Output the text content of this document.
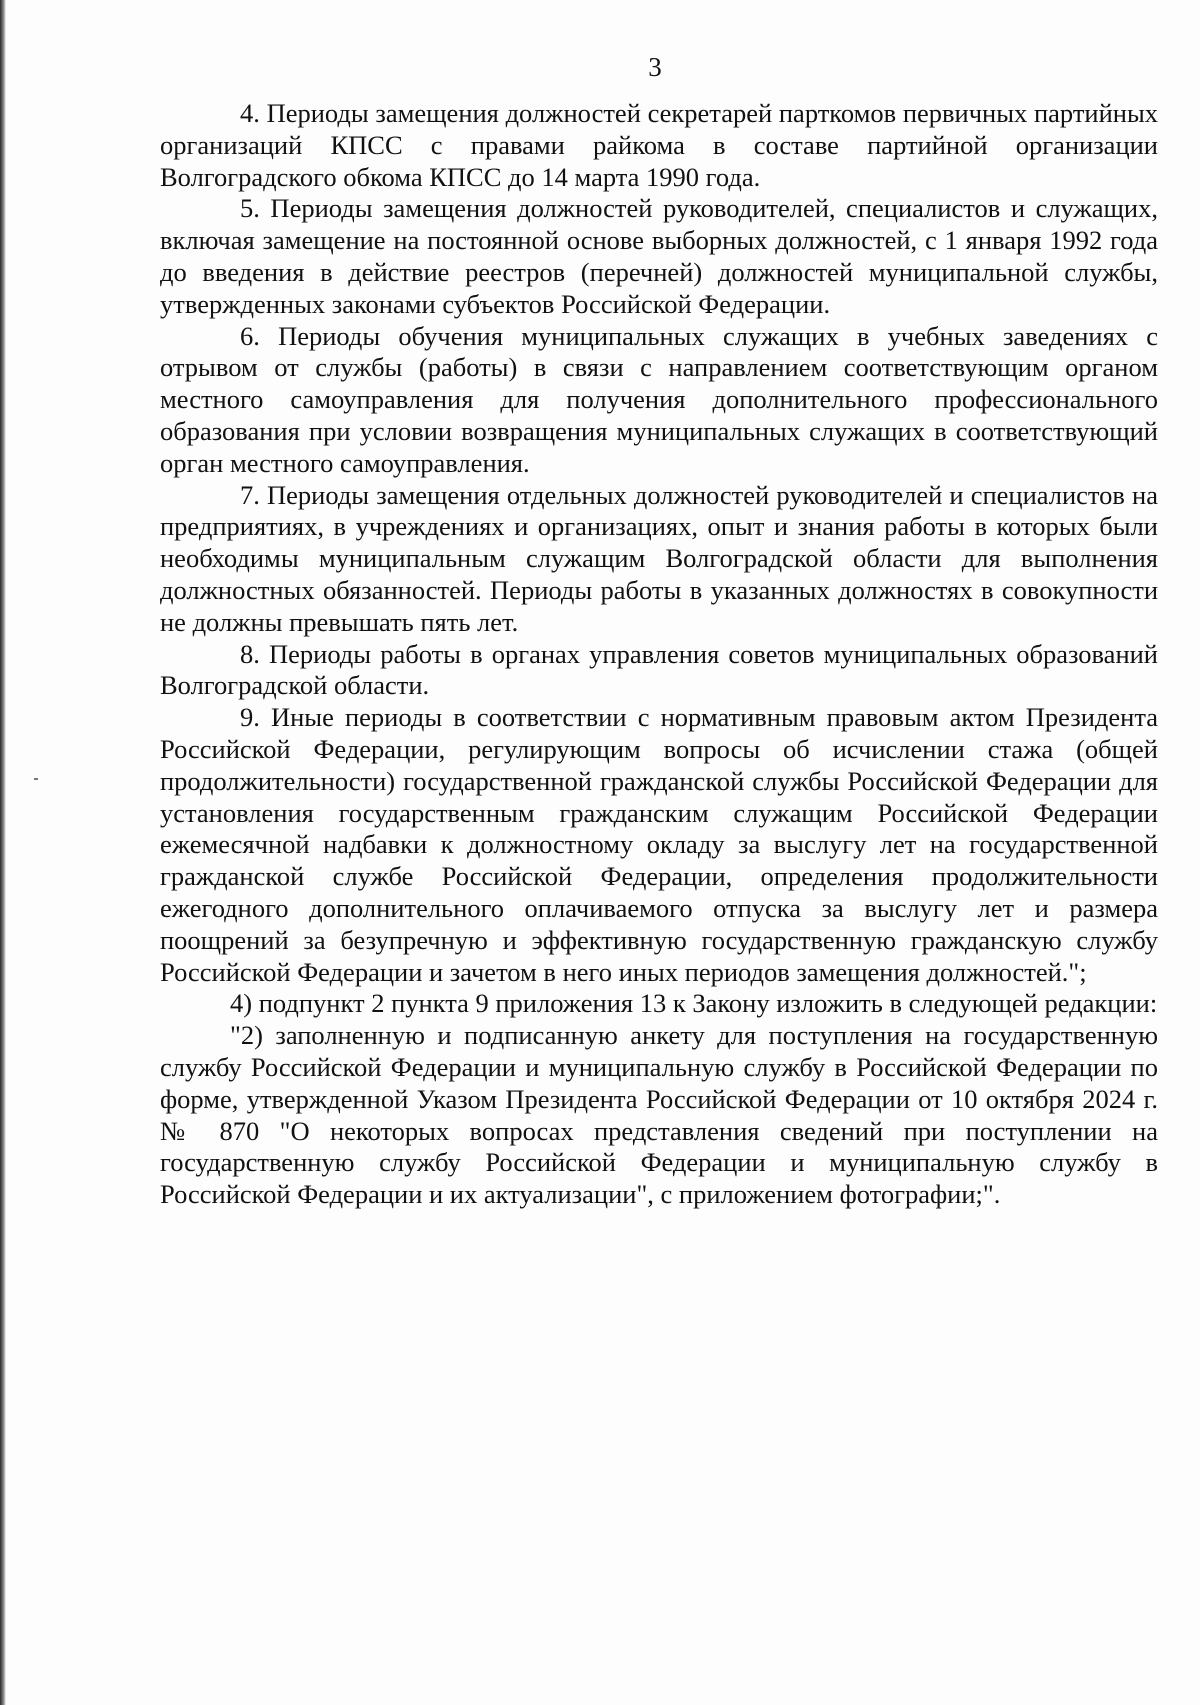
3

4. Периоды замещения должностей секретарей парткомов первичных партийных организаций КПСС с правами райкома в составе партийной организации Волгоградского обкома КПСС до 14 марта 1990 года.

5. Периоды замещения должностей руководителей, специалистов и служащих, включая замещение на постоянной основе выборных должностей, с 1 января 1992 года до введения в действие реестров (перечней) должностей муниципальной службы, утвержденных законами субъектов Российской Федерации.

6. Периоды обучения муниципальных служащих в учебных заведениях с отрывом от службы (работы) в связи с направлением соответствующим органом местного самоуправления для получения дополнительного профессионального образования при условии возвращения муниципальных служащих в соответствующий орган местного самоуправления.

7. Периоды замещения отдельных должностей руководителей и специалистов на предприятиях, в учреждениях и организациях, опыт и знания работы в которых были необходимы муниципальным служащим Волгоградской области для выполнения должностных обязанностей. Периоды работы в указанных должностях в совокупности не должны превышать пять лет.

8. Периоды работы в органах управления советов муниципальных образований Волгоградской области.

9. Иные периоды в соответствии с нормативным правовым актом Президента Российской Федерации, регулирующим вопросы об исчислении стажа (общей продолжительности) государственной гражданской службы Российской Федерации для установления государственным гражданским служащим Российской Федерации ежемесячной надбавки к должностному окладу за выслугу лет на государственной гражданской службе Российской Федерации, определения продолжительности ежегодного дополнительного оплачиваемого отпуска за выслугу лет и размера поощрений за безупречную и эффективную государственную гражданскую службу Российской Федерации и зачетом в него иных периодов замещения должностей.";

4) подпункт 2 пункта 9 приложения 13 к Закону изложить в следующей редакции:

"2) заполненную и подписанную анкету для поступления на государственную службу Российской Федерации и муниципальную службу в Российской Федерации по форме, утвержденной Указом Президента Российской Федерации от 10 октября 2024 г. № 870 "О некоторых вопросах представления сведений при поступлении на государственную службу Российской Федерации и муниципальную службу в Российской Федерации и их актуализации", с приложением фотографии;".
